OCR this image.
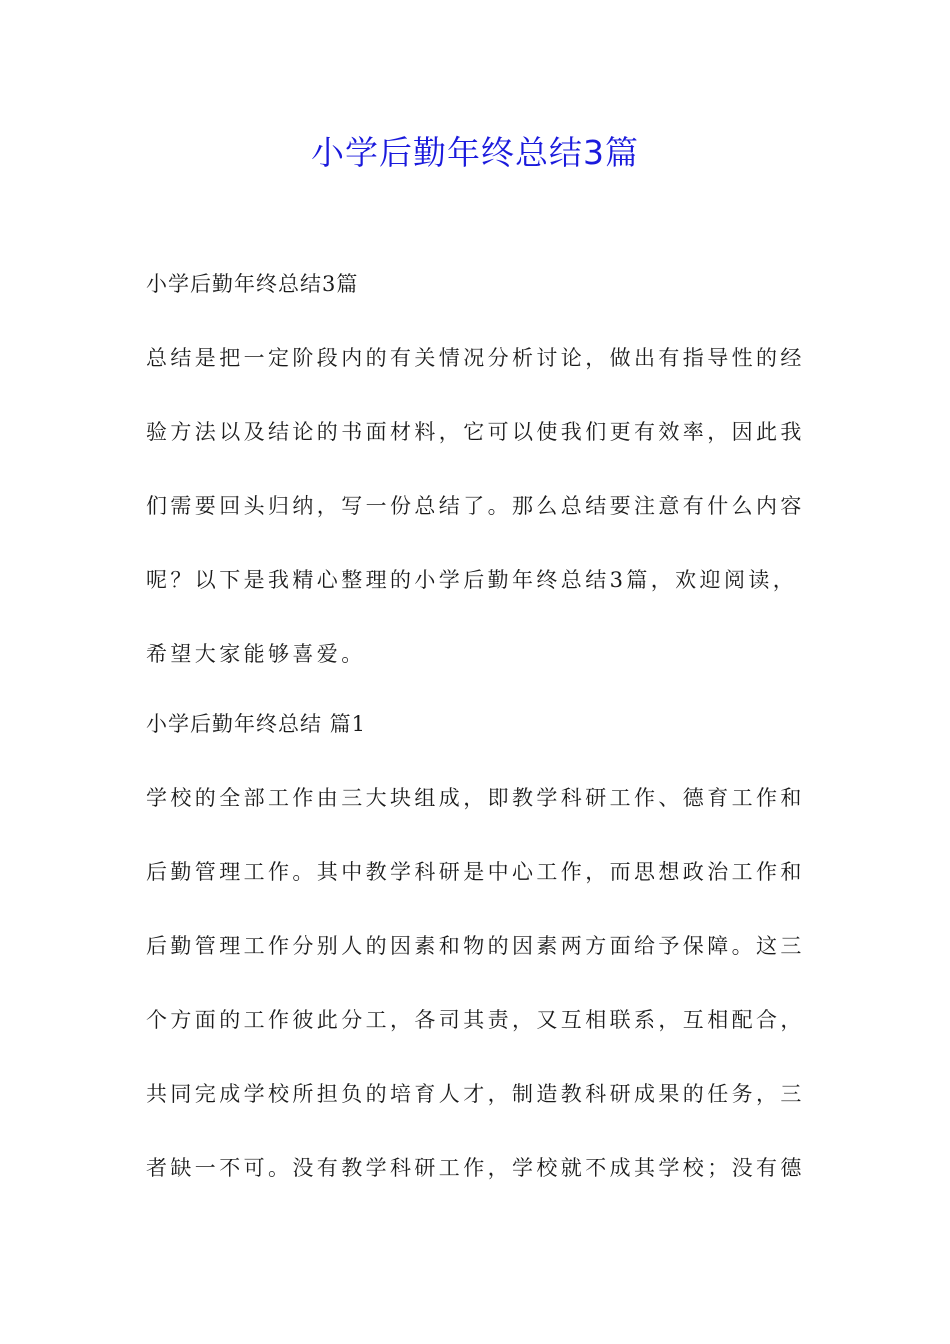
小学后勤年终总结3篇
小学后勤年终总结3篇
总结是把一定阶段内的有关情况分析讨论，做出有指导性的经
验方法以及结论的书面材料，它可以使我们更有效率，因此我
们需要回头归纳，写一份总结了。那么总结要注意有什么内容
呢？以下是我精心整理的小学后勤年终总结3篇，欢迎阅读，
希望大家能够喜爱。
小学后勤年终总结 篇1
学校的全部工作由三大块组成，即教学科研工作、德育工作和
后勤管理工作。其中教学科研是中心工作，而思想政治工作和
后勤管理工作分别人的因素和物的因素两方面给予保障。这三
个方面的工作彼此分工，各司其责，又互相联系，互相配合，
共同完成学校所担负的培育人才，制造教科研成果的任务，三
者缺一不可。没有教学科研工作，学校就不成其学校；没有德
